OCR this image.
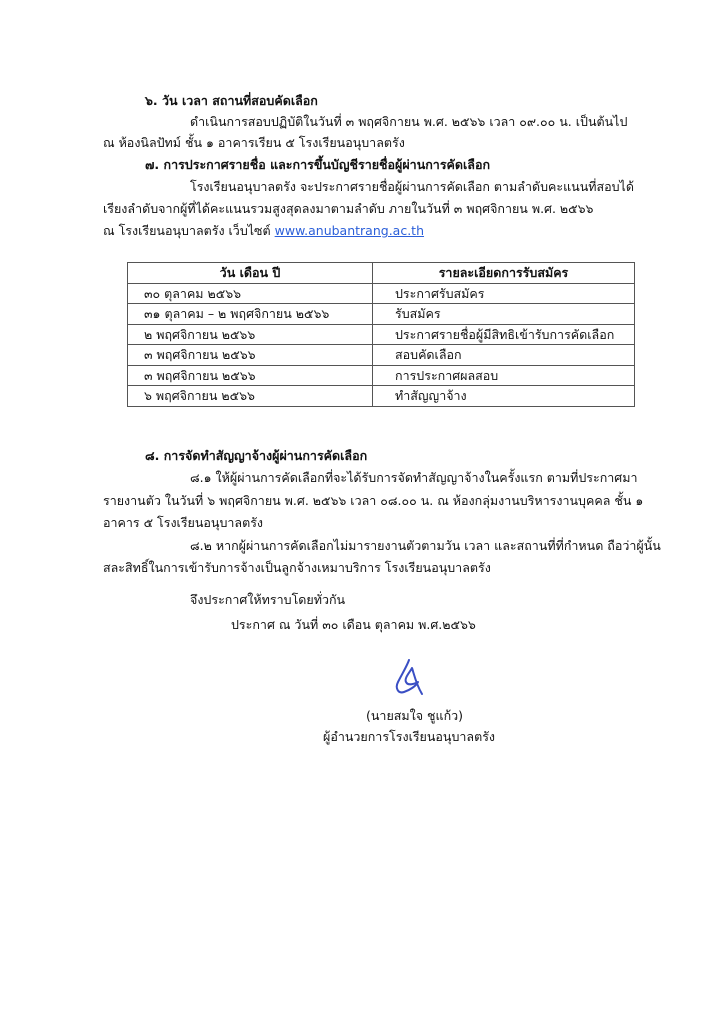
๖. วัน เวลา สถานที่สอบคัดเลือก
ดำเนินการสอบปฏิบัติในวันที่ ๓ พฤศจิกายน พ.ศ. ๒๕๖๖ เวลา ๐๙.๐๐ น. เป็นต้นไป
ณ ห้องนิลปัทม์ ชั้น ๑ อาคารเรียน ๕ โรงเรียนอนุบาลตรัง
๗. การประกาศรายชื่อ และการขึ้นบัญชีรายชื่อผู้ผ่านการคัดเลือก
โรงเรียนอนุบาลตรัง จะประกาศรายชื่อผู้ผ่านการคัดเลือก ตามลำดับคะแนนที่สอบได้
เรียงลำดับจากผู้ที่ได้คะแนนรวมสูงสุดลงมาตามลำดับ ภายในวันที่ ๓ พฤศจิกายน พ.ศ. ๒๕๖๖
ณ โรงเรียนอนุบาลตรัง เว็บไซต์ www.anubantrang.ac.th
วัน เดือน ปี	รายละเอียดการรับสมัคร
๓๐ ตุลาคม ๒๕๖๖	ประกาศรับสมัคร
๓๑ ตุลาคม – ๒ พฤศจิกายน ๒๕๖๖	รับสมัคร
๒ พฤศจิกายน ๒๕๖๖	ประกาศรายชื่อผู้มีสิทธิเข้ารับการคัดเลือก
๓ พฤศจิกายน ๒๕๖๖	สอบคัดเลือก
๓ พฤศจิกายน ๒๕๖๖	การประกาศผลสอบ
๖ พฤศจิกายน ๒๕๖๖	ทำสัญญาจ้าง
๘. การจัดทำสัญญาจ้างผู้ผ่านการคัดเลือก
๘.๑ ให้ผู้ผ่านการคัดเลือกที่จะได้รับการจัดทำสัญญาจ้างในครั้งแรก ตามที่ประกาศมา
รายงานตัว ในวันที่ ๖ พฤศจิกายน พ.ศ. ๒๕๖๖ เวลา ๐๘.๐๐ น. ณ ห้องกลุ่มงานบริหารงานบุคคล ชั้น ๑
อาคาร ๕ โรงเรียนอนุบาลตรัง
๘.๒ หากผู้ผ่านการคัดเลือกไม่มารายงานตัวตามวัน เวลา และสถานที่ที่กำหนด ถือว่าผู้นั้น
สละสิทธิ์ในการเข้ารับการจ้างเป็นลูกจ้างเหมาบริการ โรงเรียนอนุบาลตรัง
จึงประกาศให้ทราบโดยทั่วกัน
ประกาศ ณ วันที่ ๓๐ เดือน ตุลาคม พ.ศ.๒๕๖๖
(นายสมใจ ชูแก้ว)
ผู้อำนวยการโรงเรียนอนุบาลตรัง
